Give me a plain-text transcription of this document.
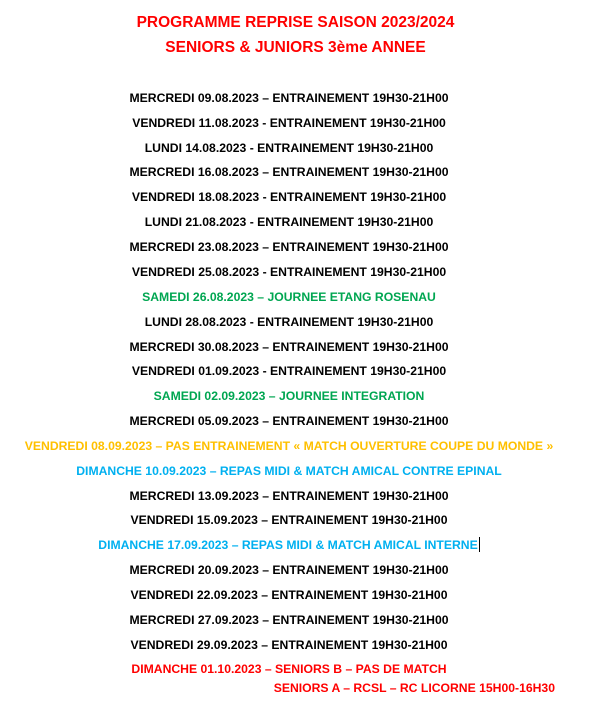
PROGRAMME REPRISE SAISON 2023/2024
SENIORS & JUNIORS 3ème ANNEE
MERCREDI 09.08.2023 – ENTRAINEMENT 19H30-21H00
VENDREDI 11.08.2023 - ENTRAINEMENT 19H30-21H00
LUNDI 14.08.2023 - ENTRAINEMENT 19H30-21H00
MERCREDI 16.08.2023 – ENTRAINEMENT 19H30-21H00
VENDREDI 18.08.2023 - ENTRAINEMENT 19H30-21H00
LUNDI 21.08.2023 - ENTRAINEMENT 19H30-21H00
MERCREDI 23.08.2023 – ENTRAINEMENT 19H30-21H00
VENDREDI 25.08.2023 - ENTRAINEMENT 19H30-21H00
SAMEDI 26.08.2023 – JOURNEE ETANG ROSENAU
LUNDI 28.08.2023 - ENTRAINEMENT 19H30-21H00
MERCREDI 30.08.2023 – ENTRAINEMENT 19H30-21H00
VENDREDI 01.09.2023 - ENTRAINEMENT 19H30-21H00
SAMEDI 02.09.2023 – JOURNEE INTEGRATION
MERCREDI 05.09.2023 – ENTRAINEMENT 19H30-21H00
VENDREDI 08.09.2023 – PAS ENTRAINEMENT « MATCH OUVERTURE COUPE DU MONDE »
DIMANCHE 10.09.2023 – REPAS MIDI & MATCH AMICAL CONTRE EPINAL
MERCREDI 13.09.2023 – ENTRAINEMENT 19H30-21H00
VENDREDI 15.09.2023 – ENTRAINEMENT 19H30-21H00
DIMANCHE 17.09.2023 – REPAS MIDI & MATCH AMICAL INTERNE
MERCREDI 20.09.2023 – ENTRAINEMENT 19H30-21H00
VENDREDI 22.09.2023 – ENTRAINEMENT 19H30-21H00
MERCREDI 27.09.2023 – ENTRAINEMENT 19H30-21H00
VENDREDI 29.09.2023 – ENTRAINEMENT 19H30-21H00
DIMANCHE 01.10.2023 – SENIORS B – PAS DE MATCH
SENIORS A – RCSL – RC LICORNE 15H00-16H30
